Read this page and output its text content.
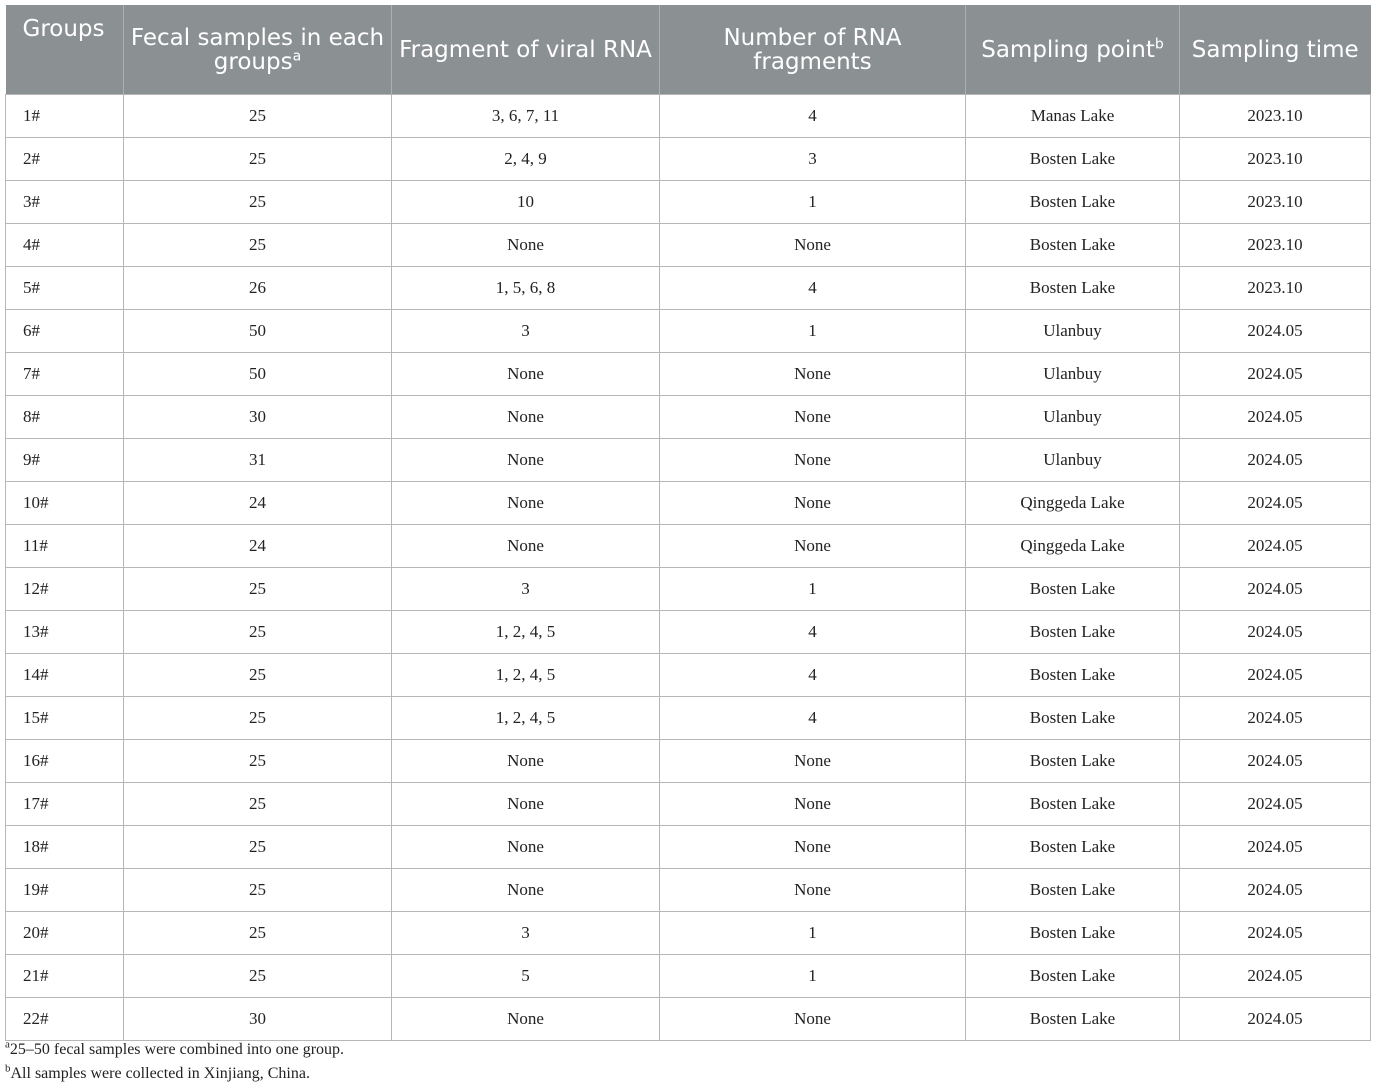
Groups	Fecal samples in each groups$^a$	Fragment of viral RNA	Number of RNA fragments	Sampling point$^b$	Sampling time
1#	25	3, 6, 7, 11	4	Manas Lake	2023.10
2#	25	2, 4, 9	3	Bosten Lake	2023.10
3#	25	10	1	Bosten Lake	2023.10
4#	25	None	None	Bosten Lake	2023.10
5#	26	1, 5, 6, 8	4	Bosten Lake	2023.10
6#	50	3	1	Ulanbuy	2024.05
7#	50	None	None	Ulanbuy	2024.05
8#	30	None	None	Ulanbuy	2024.05
9#	31	None	None	Ulanbuy	2024.05
10#	24	None	None	Qinggeda Lake	2024.05
11#	24	None	None	Qinggeda Lake	2024.05
12#	25	3	1	Bosten Lake	2024.05
13#	25	1, 2, 4, 5	4	Bosten Lake	2024.05
14#	25	1, 2, 4, 5	4	Bosten Lake	2024.05
15#	25	1, 2, 4, 5	4	Bosten Lake	2024.05
16#	25	None	None	Bosten Lake	2024.05
17#	25	None	None	Bosten Lake	2024.05
18#	25	None	None	Bosten Lake	2024.05
19#	25	None	None	Bosten Lake	2024.05
20#	25	3	1	Bosten Lake	2024.05
21#	25	5	1	Bosten Lake	2024.05
22#	30	None	None	Bosten Lake	2024.05
$^a$25–50 fecal samples were combined into one group.
$^b$All samples were collected in Xinjiang, China.
